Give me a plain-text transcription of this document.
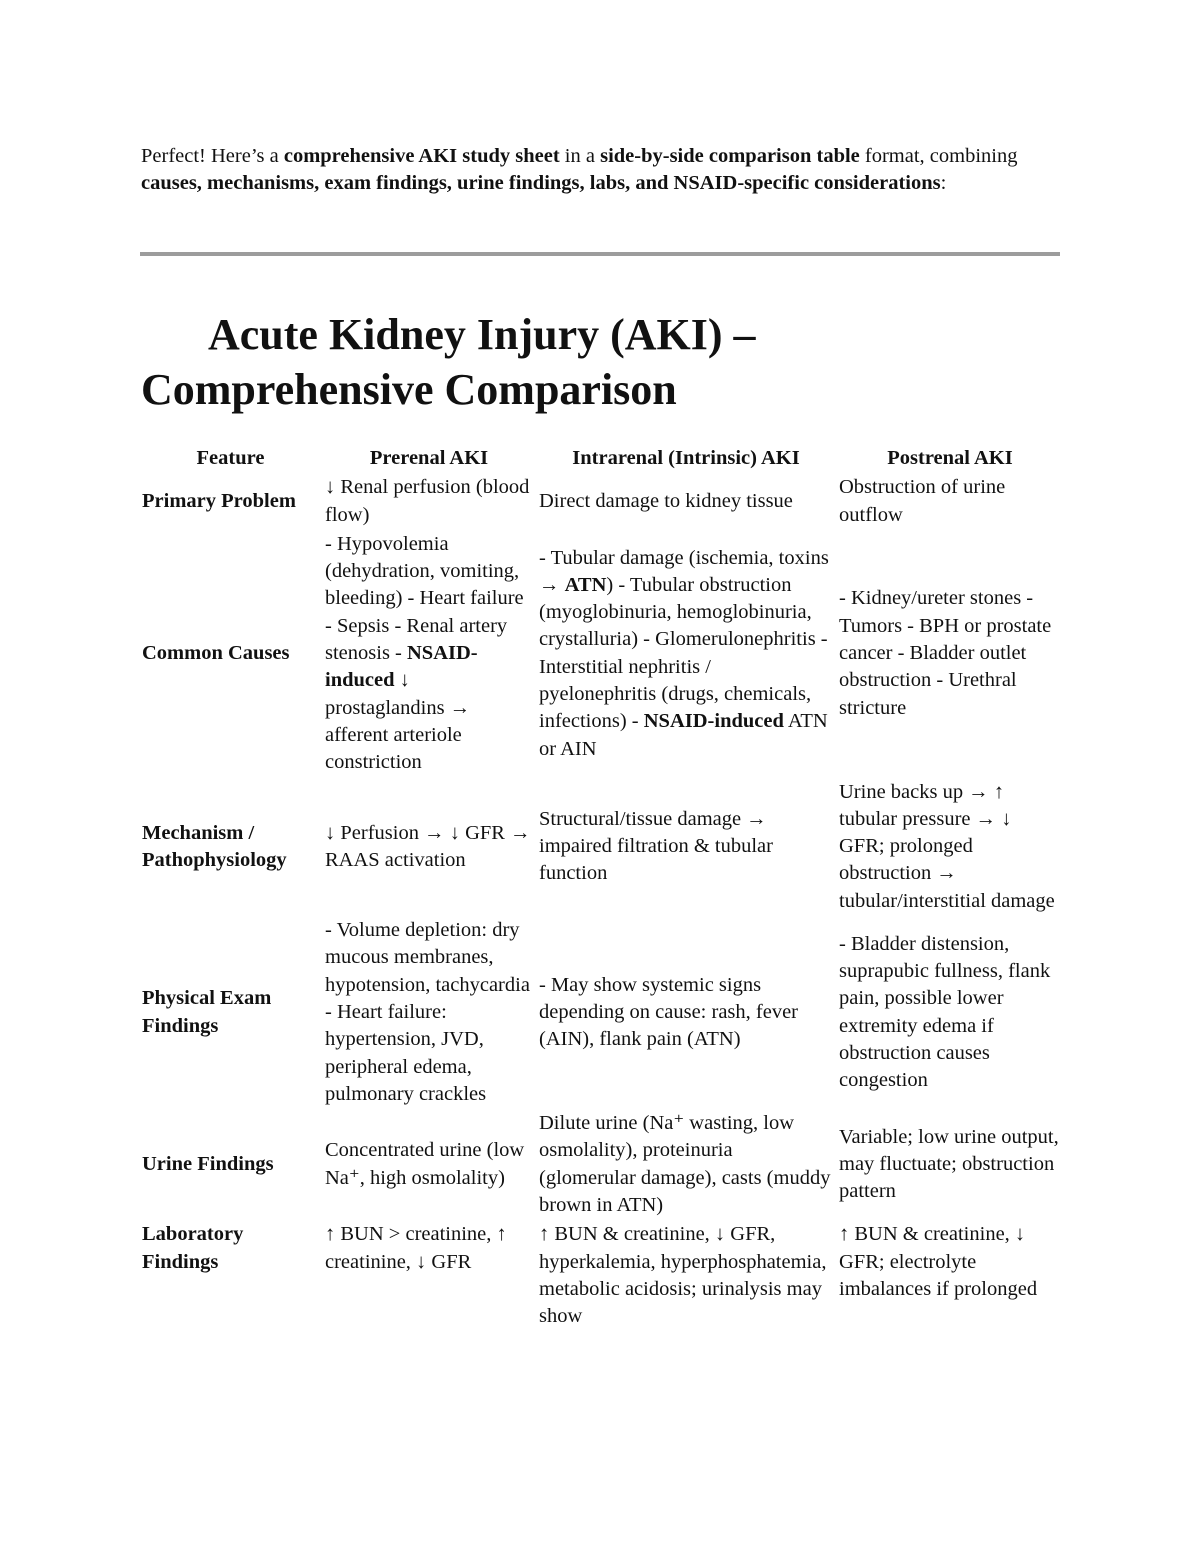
Perfect! Here’s a comprehensive AKI study sheet in a side-by-side comparison table format, combining causes, mechanisms, exam findings, urine findings, labs, and NSAID-specific considerations:

Acute Kidney Injury (AKI) –
Comprehensive Comparison
Feature	Prerenal AKI	Intrarenal (Intrinsic) AKI	Postrenal AKI
Primary Problem	↓ Renal perfusion (blood flow)	Direct damage to kidney tissue	Obstruction of urine outflow
Common Causes	- Hypovolemia (dehydration, vomiting, bleeding) - Heart failure - Sepsis - Renal artery stenosis - NSAID-induced ↓ prostaglandins → afferent arteriole constriction	- Tubular damage (ischemia, toxins → ATN) - Tubular obstruction (myoglobinuria, hemoglobinuria, crystalluria) - Glomerulonephritis - Interstitial nephritis / pyelonephritis (drugs, chemicals, infections) - NSAID-induced ATN or AIN	- Kidney/ureter stones - Tumors - BPH or prostate cancer - Bladder outlet obstruction - Urethral stricture

Mechanism /
Pathophysiology	↓ Perfusion → ↓ GFR → RAAS activation	Structural/tissue damage → impaired filtration & tubular function	Urine backs up → ↑ tubular pressure → ↓ GFR; prolonged obstruction → tubular/interstitial damage
Physical Exam Findings	- Volume depletion: dry mucous membranes, hypotension, tachycardia - Heart failure: hypertension, JVD, peripheral edema, pulmonary crackles	- May show systemic signs depending on cause: rash, fever (AIN), flank pain (ATN)	- Bladder distension, suprapubic fullness, flank pain, possible lower extremity edema if obstruction causes congestion
Urine Findings	Concentrated urine (low Na⁺, high osmolality)	Dilute urine (Na⁺ wasting, low osmolality), proteinuria (glomerular damage), casts (muddy brown in ATN)	Variable; low urine output, may fluctuate; obstruction pattern
Laboratory Findings	↑ BUN > creatinine, ↑ creatinine, ↓ GFR	↑ BUN & creatinine, ↓ GFR, hyperkalemia, hyperphosphatemia, metabolic acidosis; urinalysis may show	↑ BUN & creatinine, ↓ GFR; electrolyte imbalances if prolonged
